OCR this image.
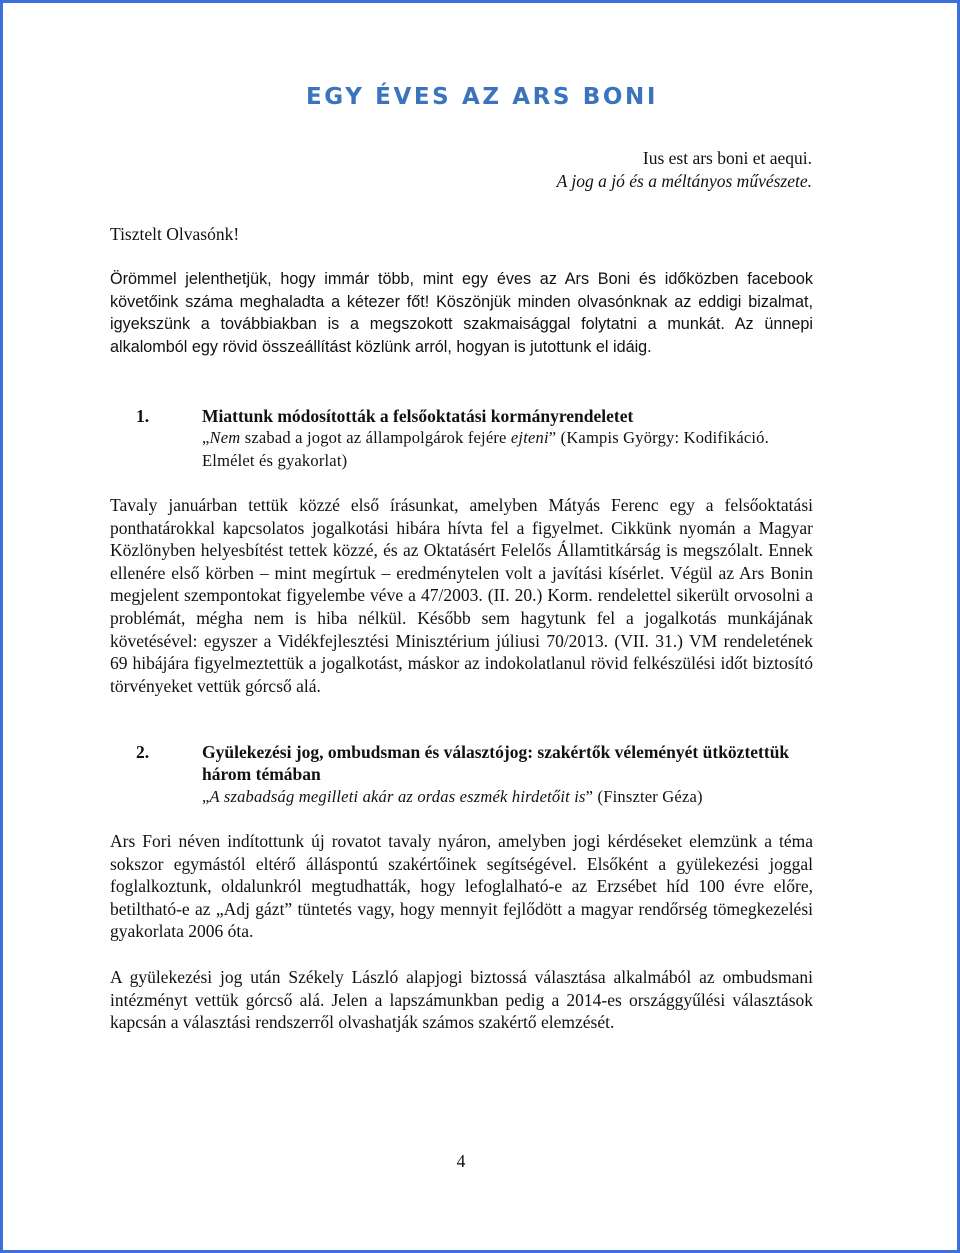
EGY ÉVES AZ ARS BONI
Ius est ars boni et aequi.
A jog a jó és a méltányos művészete.
Tisztelt Olvasónk!
Örömmel jelenthetjük, hogy immár több, mint egy éves az Ars Boni és időközben facebook követőink száma meghaladta a kétezer főt! Köszönjük minden olvasónknak az eddigi bizalmat, igyekszünk a továbbiakban is a megszokott szakmaisággal folytatni a munkát. Az ünnepi alkalomból egy rövid összeállítást közlünk arról, hogyan is jutottunk el idáig.
1.	Miattunk módosították a felsőoktatási kormányrendeletet
„Nem szabad a jogot az állampolgárok fejére ejteni” (Kampis György: Kodifikáció. Elmélet és gyakorlat)
Tavaly januárban tettük közzé első írásunkat, amelyben Mátyás Ferenc egy a felsőoktatási ponthatárokkal kapcsolatos jogalkotási hibára hívta fel a figyelmet. Cikkünk nyomán a Magyar Közlönyben helyesbítést tettek közzé, és az Oktatásért Felelős Államtitkárság is megszólalt. Ennek ellenére első körben – mint megírtuk – eredménytelen volt a javítási kísérlet. Végül az Ars Bonin megjelent szempontokat figyelembe véve a 47/2003. (II. 20.) Korm. rendelettel sikerült orvosolni a problémát, mégha nem is hiba nélkül. Később sem hagytunk fel a jogalkotás munkájának követésével: egyszer a Vidékfejlesztési Minisztérium júliusi 70/2013. (VII. 31.) VM rendeletének 69 hibájára figyelmeztettük a jogalkotást, máskor az indokolatlanul rövid felkészülési időt biztosító törvényeket vettük górcső alá.
2.	Gyülekezési jog, ombudsman és választójog: szakértők véleményét ütköztettük három témában
„A szabadság megilleti akár az ordas eszmék hirdetőit is” (Finszter Géza)
Ars Fori néven indítottunk új rovatot tavaly nyáron, amelyben jogi kérdéseket elemzünk a téma sokszor egymástól eltérő álláspontú szakértőinek segítségével. Elsőként a gyülekezési joggal foglalkoztunk, oldalunkról megtudhatták, hogy lefoglalható-e az Erzsébet híd 100 évre előre, betiltható-e az „Adj gázt” tüntetés vagy, hogy mennyit fejlődött a magyar rendőrség tömegkezelési gyakorlata 2006 óta.
A gyülekezési jog után Székely László alapjogi biztossá választása alkalmából az ombudsmani intézményt vettük górcső alá. Jelen a lapszámunkban pedig a 2014-es országgyűlési választások kapcsán a választási rendszerről olvashatják számos szakértő elemzését.
4
